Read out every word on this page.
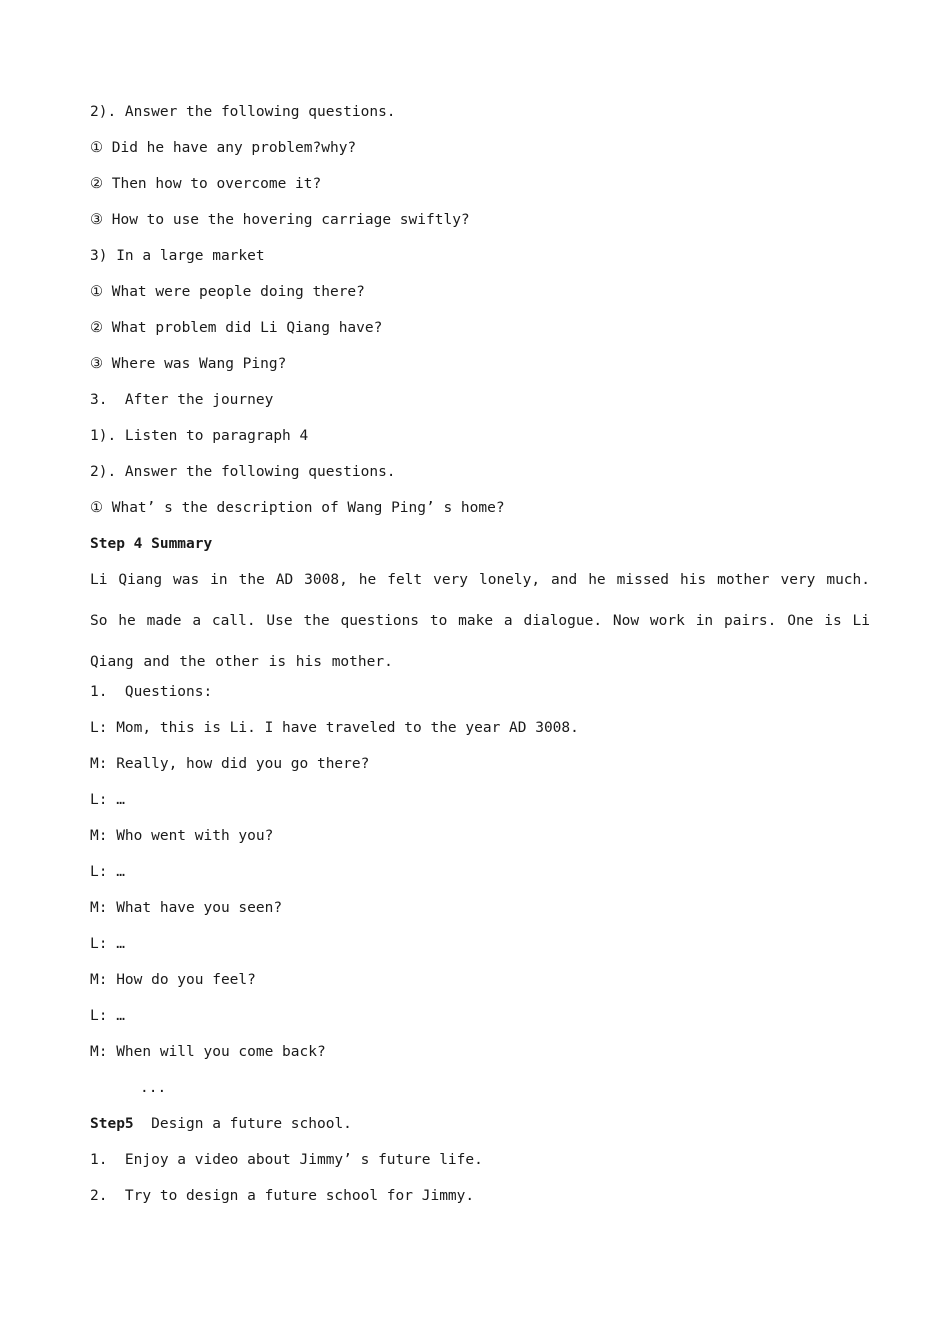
2). Answer the following questions.
① Did he have any problem?why?
② Then how to overcome it?
③ How to use the hovering carriage swiftly?
3) In a large market
① What were people doing there?
② What problem did Li Qiang have?
③ Where was Wang Ping?
3.  After the journey
1). Listen to paragraph 4
2). Answer the following questions.
① What’ s the description of Wang Ping’ s home?
Step 4 Summary
Li Qiang was in the AD 3008, he felt very lonely, and he missed his mother very much. So he made a call. Use the questions to make a dialogue. Now work in pairs. One is Li Qiang and the other is his mother.
1.  Questions:
L: Mom, this is Li. I have traveled to the year AD 3008.
M: Really, how did you go there?
L: …
M: Who went with you?
L: …
M: What have you seen?
L: …
M: How do you feel?
L: …
M: When will you come back?
...
Step5  Design a future school.
1.  Enjoy a video about Jimmy’ s future life.
2.  Try to design a future school for Jimmy.
